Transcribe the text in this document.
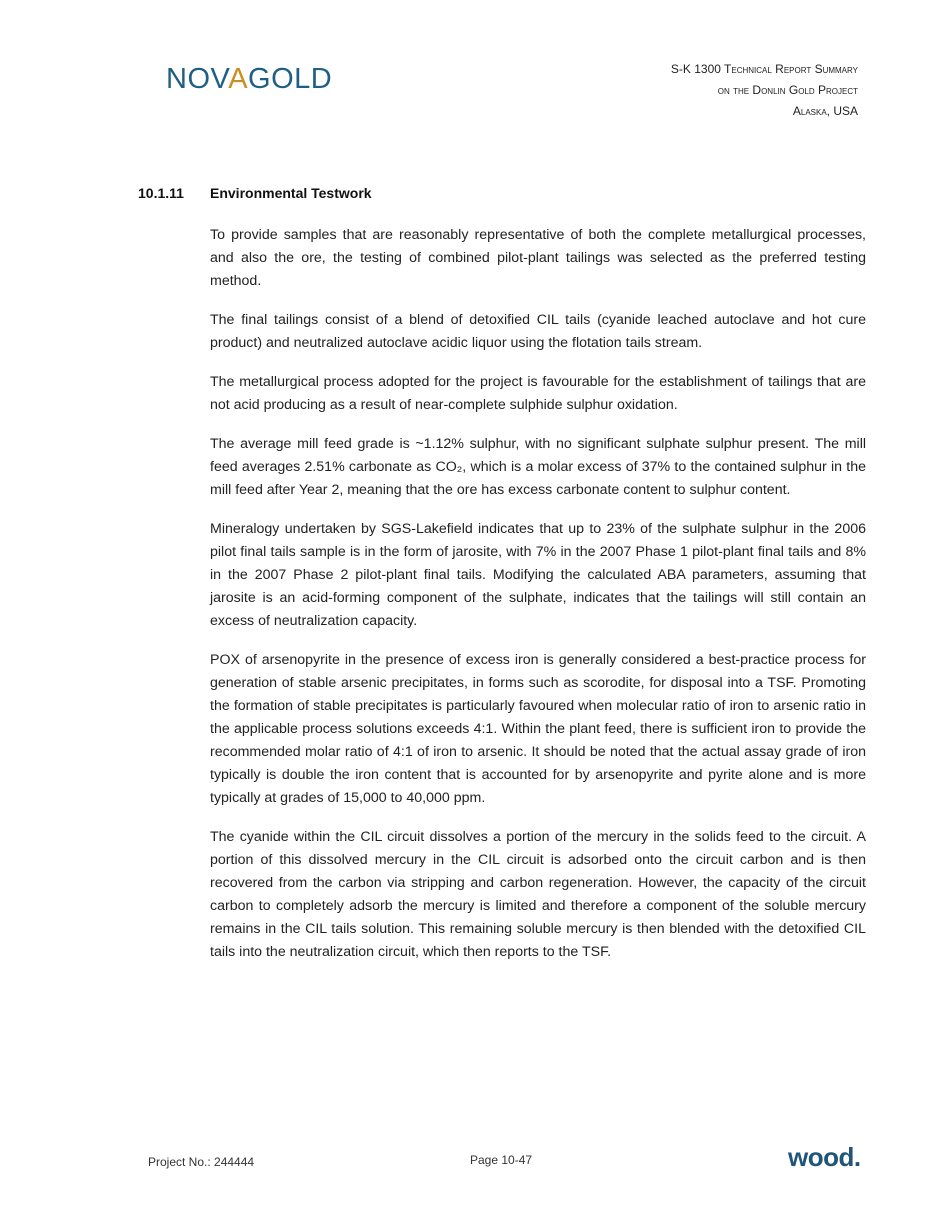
NOVAGOLD	S-K 1300 Technical Report Summary
on the Donlin Gold Project
Alaska, USA
10.1.11 Environmental Testwork

To provide samples that are reasonably representative of both the complete metallurgical processes, and also the ore, the testing of combined pilot-plant tailings was selected as the preferred testing method.

The final tailings consist of a blend of detoxified CIL tails (cyanide leached autoclave and hot cure product) and neutralized autoclave acidic liquor using the flotation tails stream.

The metallurgical process adopted for the project is favourable for the establishment of tailings that are not acid producing as a result of near-complete sulphide sulphur oxidation.

The average mill feed grade is ~1.12% sulphur, with no significant sulphate sulphur present. The mill feed averages 2.51% carbonate as CO₂, which is a molar excess of 37% to the contained sulphur in the mill feed after Year 2, meaning that the ore has excess carbonate content to sulphur content.

Mineralogy undertaken by SGS-Lakefield indicates that up to 23% of the sulphate sulphur in the 2006 pilot final tails sample is in the form of jarosite, with 7% in the 2007 Phase 1 pilot-plant final tails and 8% in the 2007 Phase 2 pilot-plant final tails. Modifying the calculated ABA parameters, assuming that jarosite is an acid-forming component of the sulphate, indicates that the tailings will still contain an excess of neutralization capacity.

POX of arsenopyrite in the presence of excess iron is generally considered a best-practice process for generation of stable arsenic precipitates, in forms such as scorodite, for disposal into a TSF. Promoting the formation of stable precipitates is particularly favoured when molecular ratio of iron to arsenic ratio in the applicable process solutions exceeds 4:1. Within the plant feed, there is sufficient iron to provide the recommended molar ratio of 4:1 of iron to arsenic. It should be noted that the actual assay grade of iron typically is double the iron content that is accounted for by arsenopyrite and pyrite alone and is more typically at grades of 15,000 to 40,000 ppm.

The cyanide within the CIL circuit dissolves a portion of the mercury in the solids feed to the circuit. A portion of this dissolved mercury in the CIL circuit is adsorbed onto the circuit carbon and is then recovered from the carbon via stripping and carbon regeneration. However, the capacity of the circuit carbon to completely adsorb the mercury is limited and therefore a component of the soluble mercury remains in the CIL tails solution. This remaining soluble mercury is then blended with the detoxified CIL tails into the neutralization circuit, which then reports to the TSF.

Project No.: 244444	Page 10-47	wood.
